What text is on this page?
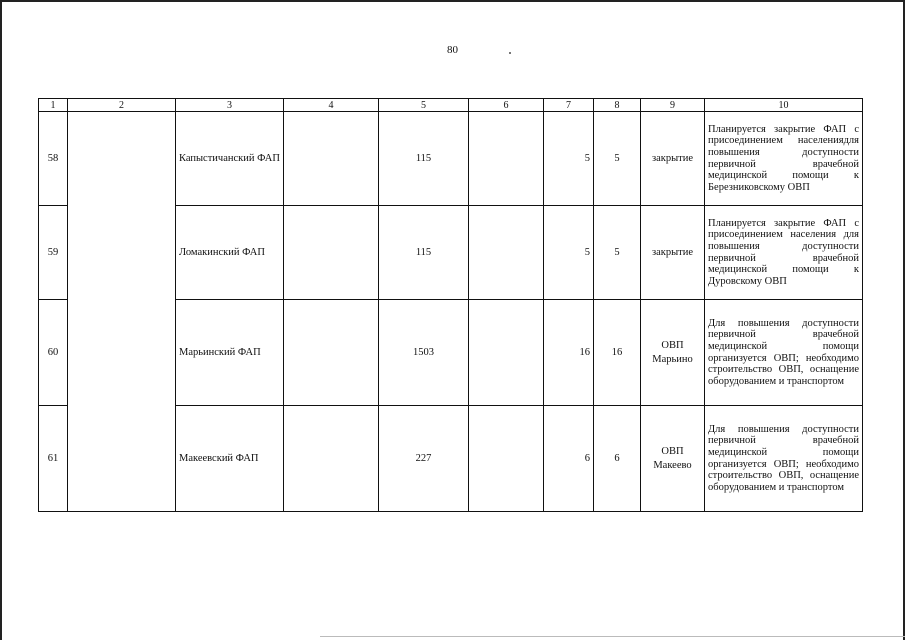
80
1	2	3	4	5	6	7	8	9	10
58		Капыстичанский ФАП		115		5	5	закрытие	Планируется закрытие ФАП с присоединением населениядля повышения доступности первичной врачебной медицинской помощи к Березниковскому ОВП
59		Ломакинский ФАП		115		5	5	закрытие	Планируется закрытие ФАП с присоединением населения для повышения доступности первичной врачебной медицинской помощи к Дуровскому ОВП
60		Марьинский ФАП		1503		16	16	ОВП Марьино	Для повышения доступности первичной врачебной медицинской помощи организуется ОВП; необходимо строительство ОВП, оснащение оборудованием и транспортом
61		Макеевский ФАП		227		6	6	ОВП Макеево	Для повышения доступности первичной врачебной медицинской помощи организуется ОВП; необходимо строительство ОВП, оснащение оборудованием и транспортом
